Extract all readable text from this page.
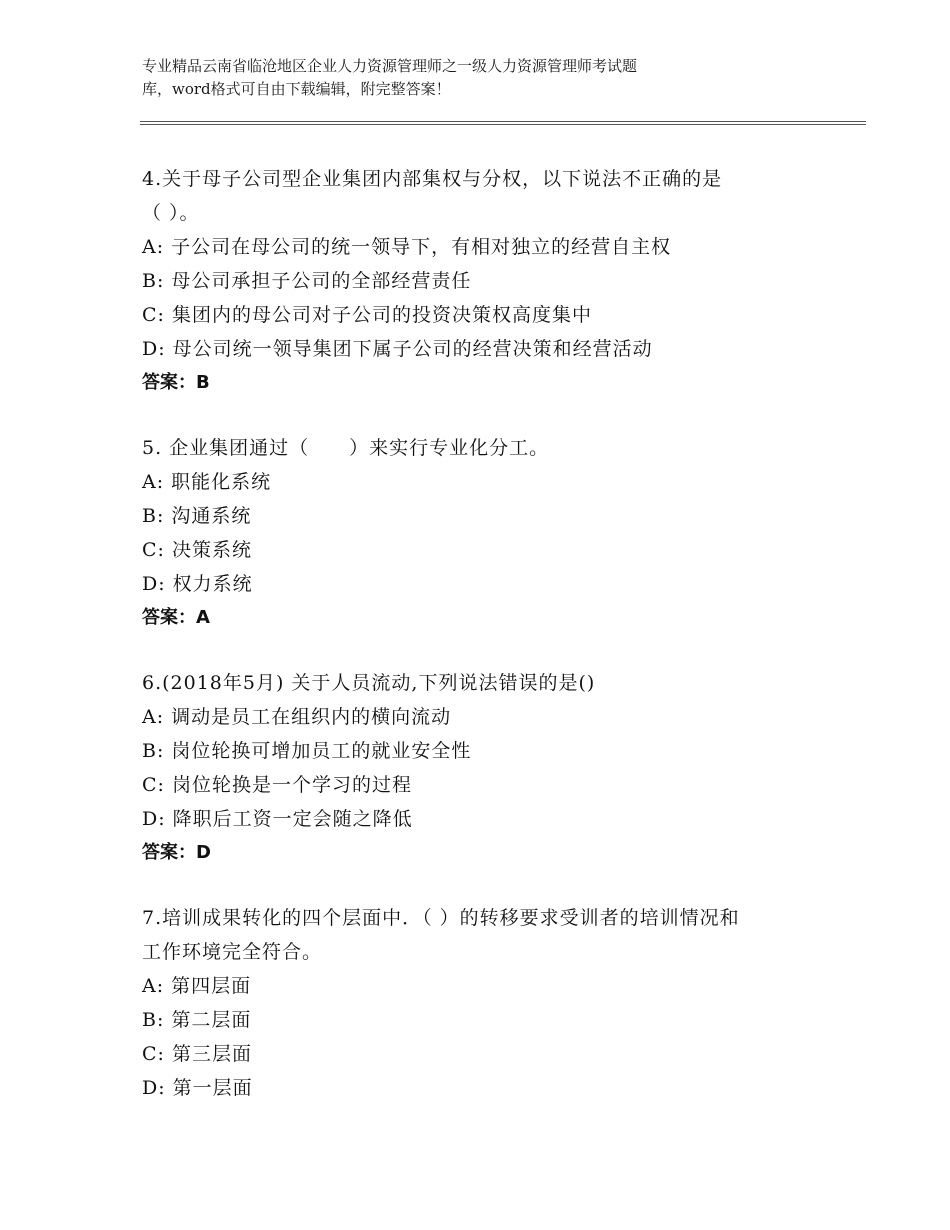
专业精品云南省临沧地区企业人力资源管理师之一级人力资源管理师考试题
库，word格式可自由下载编辑，附完整答案！
4.关于母子公司型企业集团内部集权与分权，以下说法不正确的是
（ ）。
A: 子公司在母公司的统一领导下，有相对独立的经营自主权
B: 母公司承担子公司的全部经营责任
C: 集团内的母公司对子公司的投资决策权高度集中
D: 母公司统一领导集团下属子公司的经营决策和经营活动
答案：B
5. 企业集团通过（　　）来实行专业化分工。
A: 职能化系统
B: 沟通系统
C: 决策系统
D: 权力系统
答案：A
6.(2018年5月) 关于人员流动,下列说法错误的是()
A: 调动是员工在组织内的横向流动
B: 岗位轮换可增加员工的就业安全性
C: 岗位轮换是一个学习的过程
D: 降职后工资一定会随之降低
答案：D
7.培训成果转化的四个层面中．（ ）的转移要求受训者的培训情况和
工作环境完全符合。
A: 第四层面
B: 第二层面
C: 第三层面
D: 第一层面
